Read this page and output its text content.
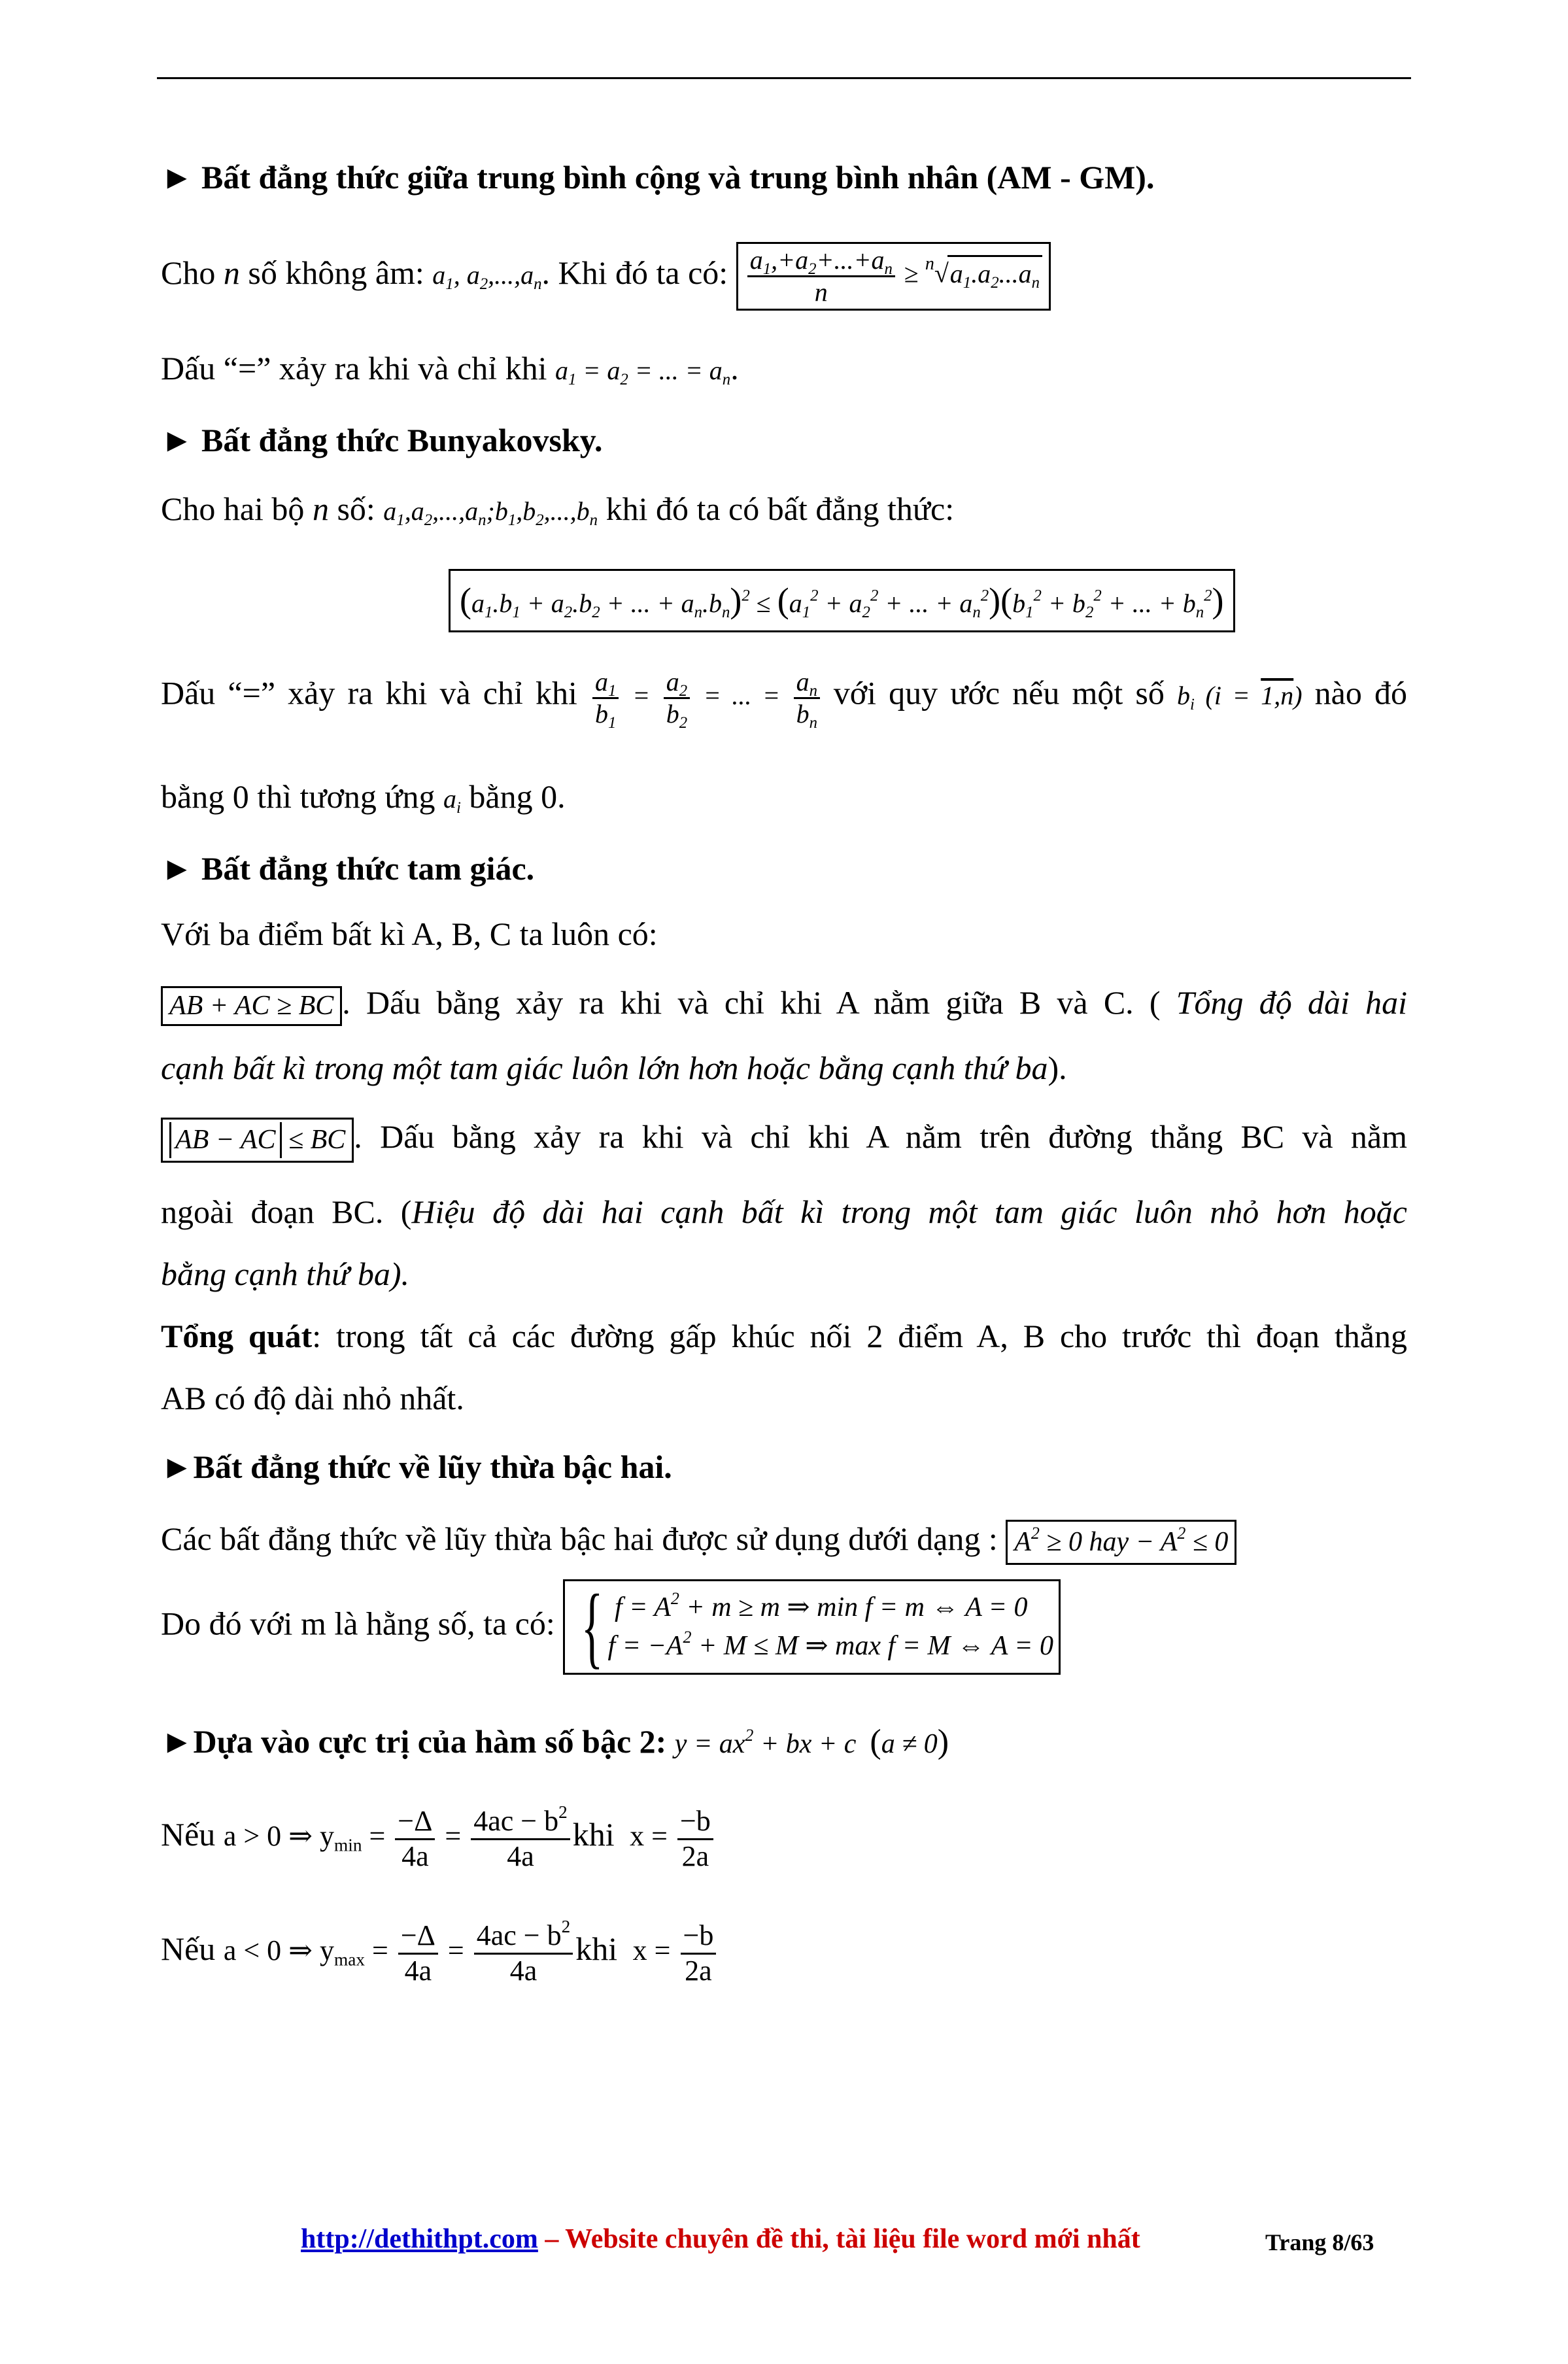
► Bất đẳng thức giữa trung bình cộng và trung bình nhân (AM - GM).
Cho n số không âm: $a_1$, $a_2,...,a_n$. Khi đó ta có: $\frac{a_1,+a_2+...+a_n}{n} \ge ^n√a_1.a_2...a_n$
Dấu “=” xảy ra khi và chỉ khi $a_1 = a_2$ = ... = $a_n$.
► Bất đẳng thức Bunyakovsky.
Cho hai bộ n số: $a_1,a_2,...,a_n;b_1,b_2,...,b_n$ khi đó ta có bất đẳng thức:
($a_1.b_1 + a_2.b_2$ + ... + $a_n.b_n)^2 \le (a_1^2 + a_2^2$ + ... + $a_n^2)(b_1^2 + b_2^2$ + ... + $b_n^2$)
Dấu “=” xảy ra khi và chỉ khi $\frac{a_1}{b_1} = \frac{a_2}{b_2}$ = ... = $\frac{a_n}{b_n}$ với quy ước nếu một số $b_i$ (i = 1,n) nào đó
bằng 0 thì tương ứng $a_i$ bằng 0.
► Bất đẳng thức tam giác.
Với ba điểm bất kì A, B, C ta luôn có:
AB + AC ≥ BC . Dấu bằng xảy ra khi và chỉ khi A nằm giữa B và C. ( Tổng độ dài hai
cạnh bất kì trong một tam giác luôn lớn hơn hoặc bằng cạnh thứ ba).
AB − AC ≤ BC . Dấu bằng xảy ra khi và chỉ khi A nằm trên đường thẳng BC và nằm
ngoài đoạn BC. (Hiệu độ dài hai cạnh bất kì trong một tam giác luôn nhỏ hơn hoặc
bằng cạnh thứ ba).
Tổng quát: trong tất cả các đường gấp khúc nối 2 điểm A, B cho trước thì đoạn thẳng
AB có độ dài nhỏ nhất.
►Bất đẳng thức về lũy thừa bậc hai.
Các bất đẳng thức về lũy thừa bậc hai được sử dụng dưới dạng : $A^2 \ge 0$ hay − $A^2 \le 0$
Do đó với m là hằng số, ta có: { $f = A^2 + m \ge m$ ⇒ min f = m ⇔ A = 0
$f = -A^2 + M \le M$ ⇒ max f = M ⇔ A = 0
►Dựa vào cực trị của hàm số bậc 2: $y = ax^2$ + bx + c  (a ≠ 0)
Nếu a > 0 ⇒ $y_{min} = \frac{-\Delta}{4a} = \frac{4ac - b^2}{4a}$ khi  $x = \frac{-b}{2a}$
Nếu a < 0 ⇒ $y_{max} = \frac{-\Delta}{4a} = \frac{4ac - b^2}{4a}$ khi  $x = \frac{-b}{2a}$
http://dethithpt.com – Website chuyên đề thi, tài liệu file word mới nhất	Trang 8/63
